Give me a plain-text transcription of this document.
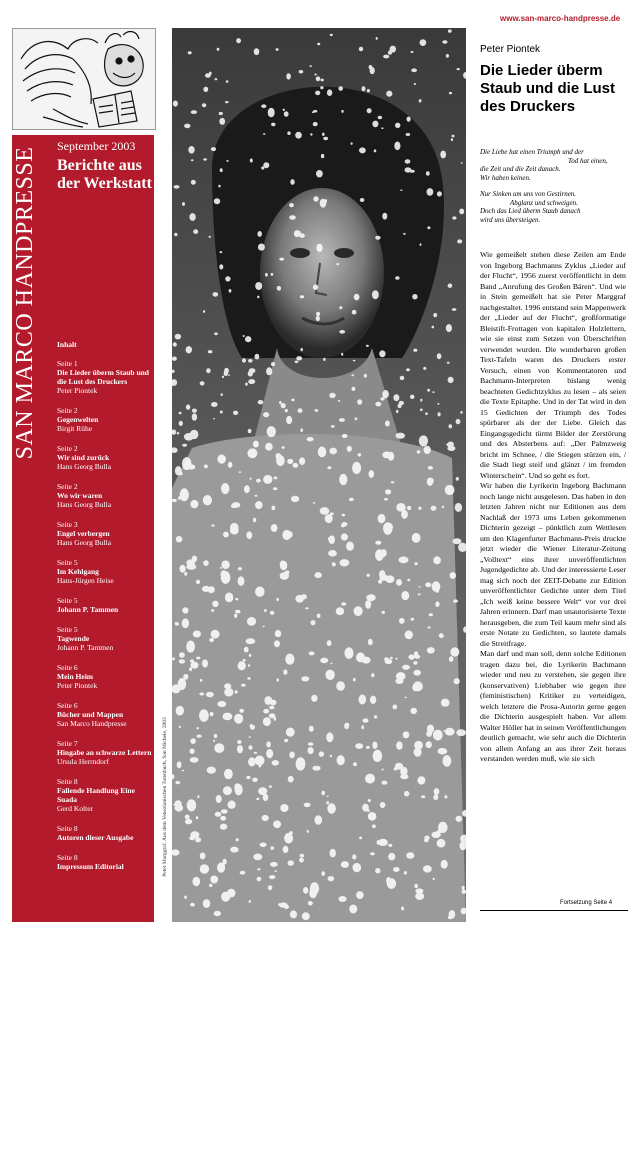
www.san-marco-handpresse.de
SAN MARCO HANDPRESSE
September 2003
Berichte aus der Werkstatt
Inhalt
Seite 1
Die Lieder überm Staub und die Lust des Druckers
Peter Piontek
Seite 2
Gegenwelten
Birgit Rühe
Seite 2
Wir sind zurück
Hans Georg Bulla
Seite 2
Wo wir waren
Hans Georg Bulla
Seite 3
Engel verbergen
Hans Georg Bulla
Seite 5
Im Kehlgang
Hans-Jürgen Heise
Seite 5
Johann P. Tammen
Seite 5
Tagwende
Johann P. Tammen
Seite 6
Mein Heim
Peter Piontek
Seite 6
Bücher und Mappen
San Marco Handpresse
Seite 7
Hingabe an schwarze Lettern
Ursula Herrndorf
Seite 8
Fallende Handlung Eine Suada
Gerd Kolter
Seite 8
Autoren dieser Ausgabe
Seite 8
Impressum Editorial	Peter Marggraf, Aus dem Venezianischen Totenbuch, San Michele, 2003
Peter Piontek
Die Lieder überm Staub und die Lust des Druckers

Die Liebe hat einen Triumph und der
Tod hat einen,
die Zeit und die Zeit danach.
Wir haben keinen.

Nur Sinken um uns von Gestirnen.
Abglanz und schweigen.
Doch das Lied überm Staub danach
wird uns übersteigen.

Wie gemeißelt stehen diese Zeilen am Ende von Ingeborg Bachmanns Zyklus „Lieder auf der Flucht“, 1956 zuerst veröffentlicht in dem Band „Anrufung des Großen Bären“. Und wie in Stein gemeißelt hat sie Peter Marggraf nachgestaltet. 1996 entstand sein Mappenwerk der „Lieder auf der Flucht“, großformatige Bleistift-Frottagen von kapitalen Holzlettern, wie sie einst zum Setzen von Überschriften verwendet wurden. Die wunderbaren großen Text-Tafeln waren des Druckers erster Versuch, einen von Kommentatoren und Bachmann-Interpreten bislang wenig beachteten Gedichtzyklus zu lesen – als seien die Texte Epitaphe. Und in der Tat wird in den 15 Gedichten der Triumph des Todes spürbarer als der der Liebe. Gleich das Eingangsgedicht türmt Bilder der Zerstörung und des Absterbens auf: „Der Palmzweig bricht im Schnee, / die Stiegen stürzen ein, / die Stadt liegt steif und glänzt / im fremden Winterschein“. Und so geht es fort.

Wir haben die Lyrikerin Ingeborg Bachmann noch lange nicht ausgelesen. Das haben in den letzten Jahren nicht nur Editionen aus dem Nachlaß der 1973 ums Leben gekommenen Dichterin gezeigt – pünktlich zum Wettlesen um den Klagenfurter Bachmann-Preis druckte jetzt wieder die Wiener Literatur-Zeitung „Volltext“ eins ihrer unveröffentlichten Jugendgedichte ab. Und der interessierte Leser mag sich noch der ZEIT-Debatte zur Edition unveröffentlichter Gedichte unter dem Titel „Ich weiß keine bessere Welt“ vor vor drei Jahren erinnern. Darf man unautorisierte Texte herausgeben, die zum Teil kaum mehr sind als erste Notate zu Gedichten, so lautete damals die Streitfrage.

Man darf und man soll, denn solche Editionen tragen dazu bei, die Lyrikerin Bachmann wieder und neu zu verstehen, sie gegen ihre (konservativen) Liebhaber wie gegen ihre (feministischen) Kritiker zu verteidigen, welch letztere die Prosa-Autorin gerne gegen die Dichterin ausgespielt haben. Vor allem Walter Höller hat in seinen Veröffentlichungen deutlich gemacht, wie sehr auch die Dichterin von allem Anfang an aus ihrer Zeit heraus verstanden werden muß, wie sie sich

Fortsetzung Seite 4
